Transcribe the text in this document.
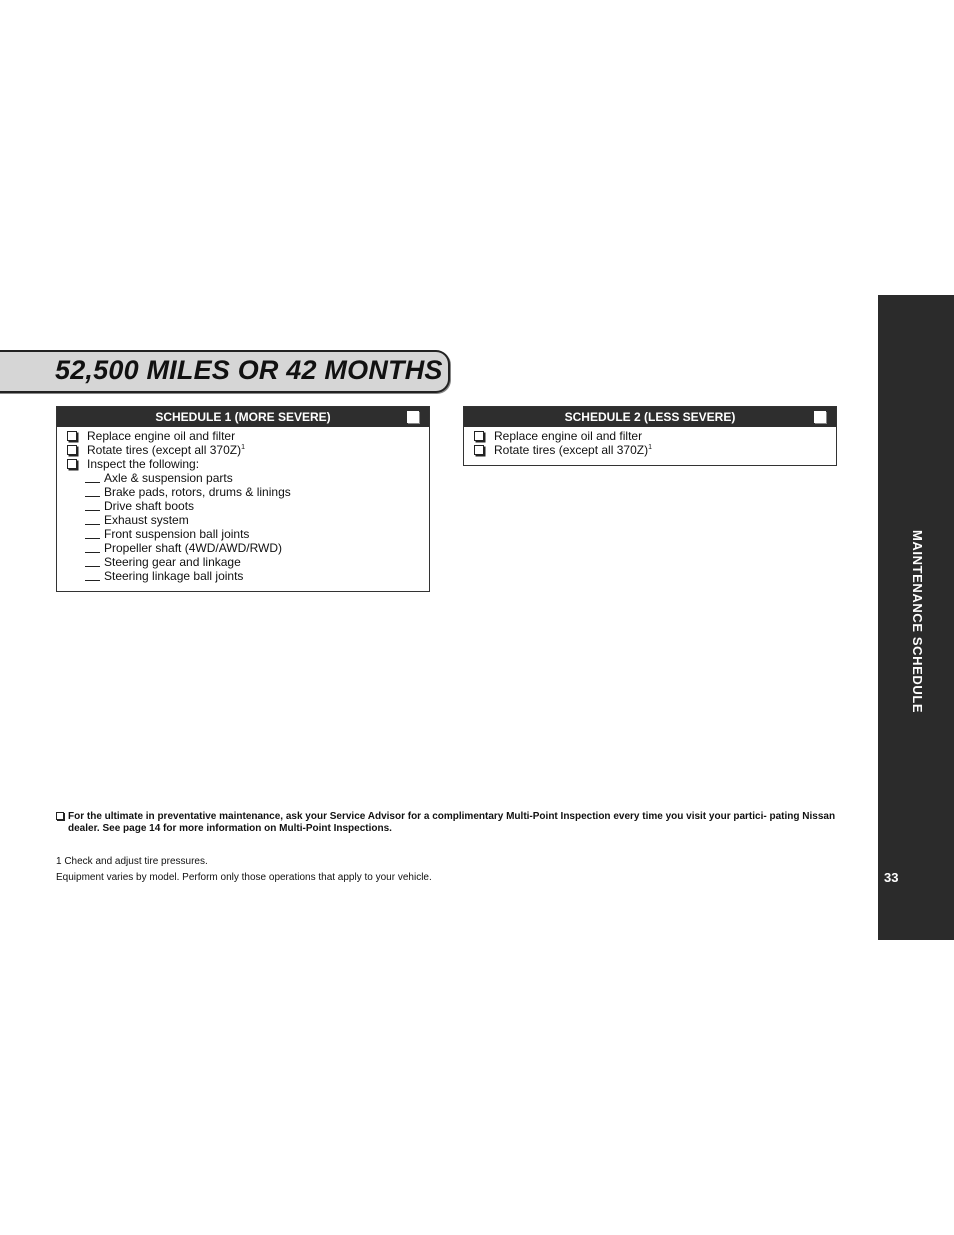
52,500 MILES OR 42 MONTHS
SCHEDULE 1 (MORE SEVERE)
Replace engine oil and filter
Rotate tires (except all 370Z)$^1$
Inspect the following:
Axle & suspension parts
Brake pads, rotors, drums & linings
Drive shaft boots
Exhaust system
Front suspension ball joints
Propeller shaft (4WD/AWD/RWD)
Steering gear and linkage
Steering linkage ball joints
SCHEDULE 2 (LESS SEVERE)
Replace engine oil and filter
Rotate tires (except all 370Z)$^1$
For the ultimate in preventative maintenance, ask your Service Advisor for a complimentary Multi-Point Inspection every time you visit your partici- pating Nissan dealer. See page 14 for more information on Multi-Point Inspections.
1 Check and adjust tire pressures.
Equipment varies by model. Perform only those operations that apply to your vehicle.
MAINTENANCE SCHEDULE
33
